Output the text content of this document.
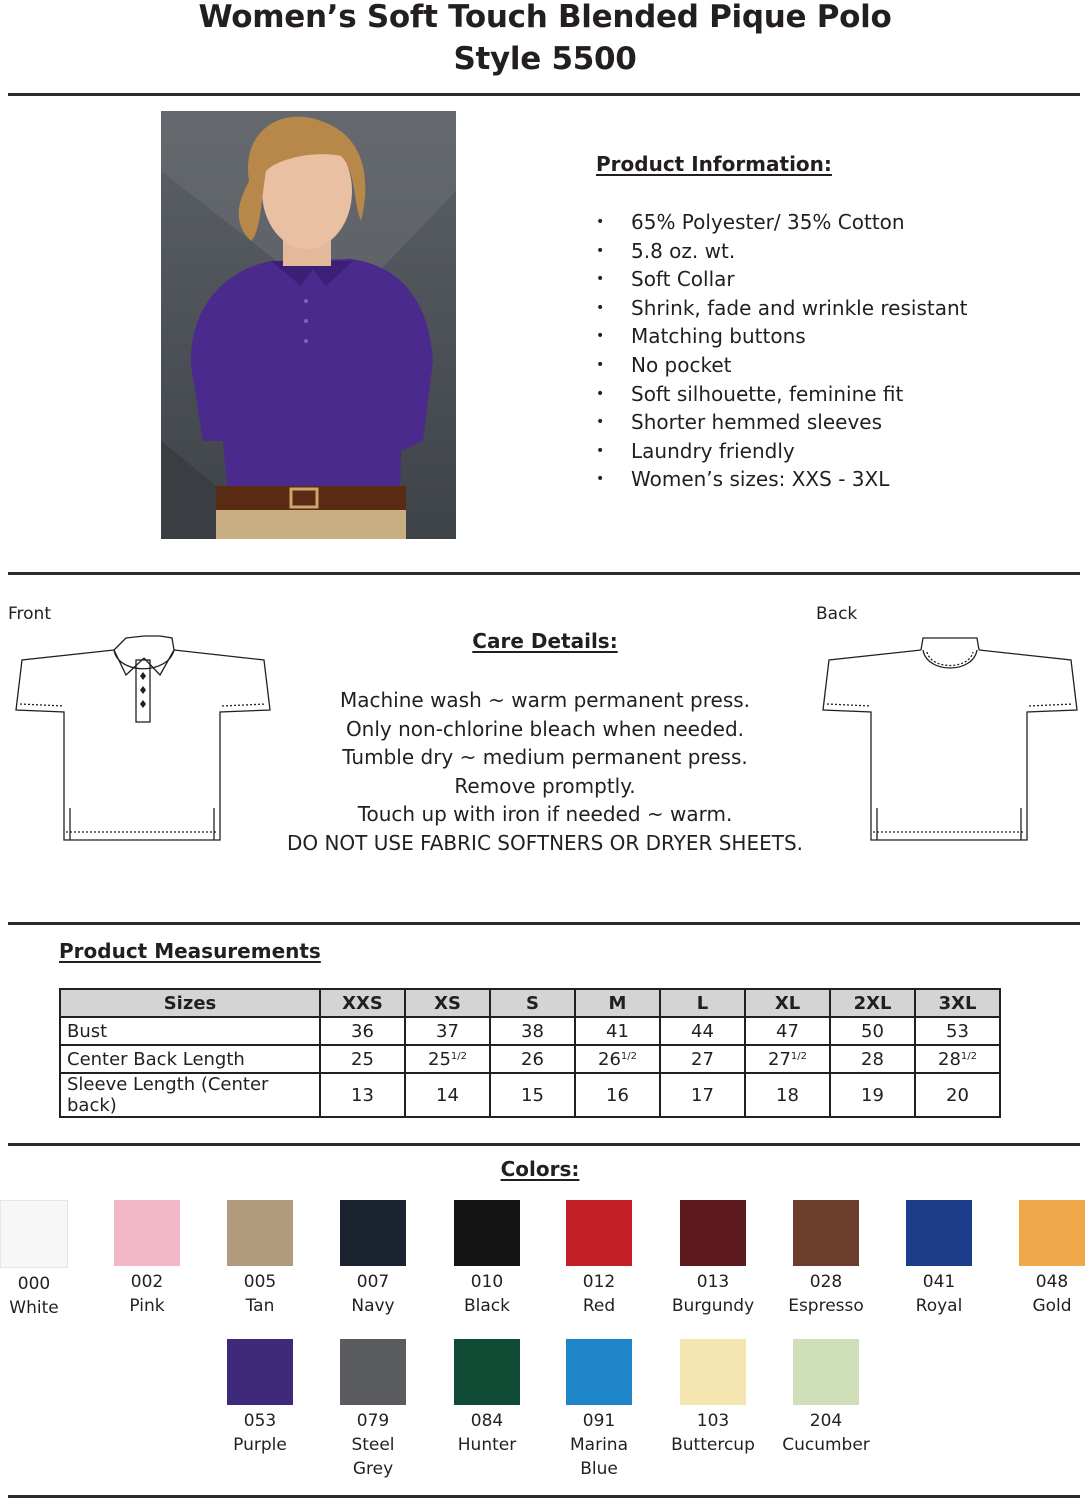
Women’s Soft Touch Blended Pique Polo
Style 5500
Product Information:
• 65% Polyester/ 35% Cotton
• 5.8 oz. wt.
• Soft Collar
• Shrink, fade and wrinkle resistant
• Matching buttons
• No pocket
• Soft silhouette, feminine fit
• Shorter hemmed sleeves
• Laundry friendly
• Women’s sizes: XXS - 3XL
Front	Back
Care Details:
Machine wash ~ warm permanent press.
Only non-chlorine bleach when needed.
Tumble dry ~ medium permanent press.
Remove promptly.
Touch up with iron if needed ~ warm.
DO NOT USE FABRIC SOFTNERS OR DRYER SHEETS.
Product Measurements
Sizes	XXS	XS	S	M	L	XL	2XL	3XL
Bust	36	37	38	41	44	47	50	53
Center Back Length	25	$25^{1/2}$	26	$26^{1/2}$	27	$27^{1/2}$	28	$28^{1/2}$
Sleeve Length (Center back)	13	14	15	16	17	18	19	20
Colors:
000
White
002
Pink
005
Tan
007
Navy
010
Black
012
Red
013
Burgundy
028
Espresso
041
Royal
048
Gold
053
Purple
079
Steel Grey
084
Hunter
091
Marina Blue
103
Buttercup
204
Cucumber
